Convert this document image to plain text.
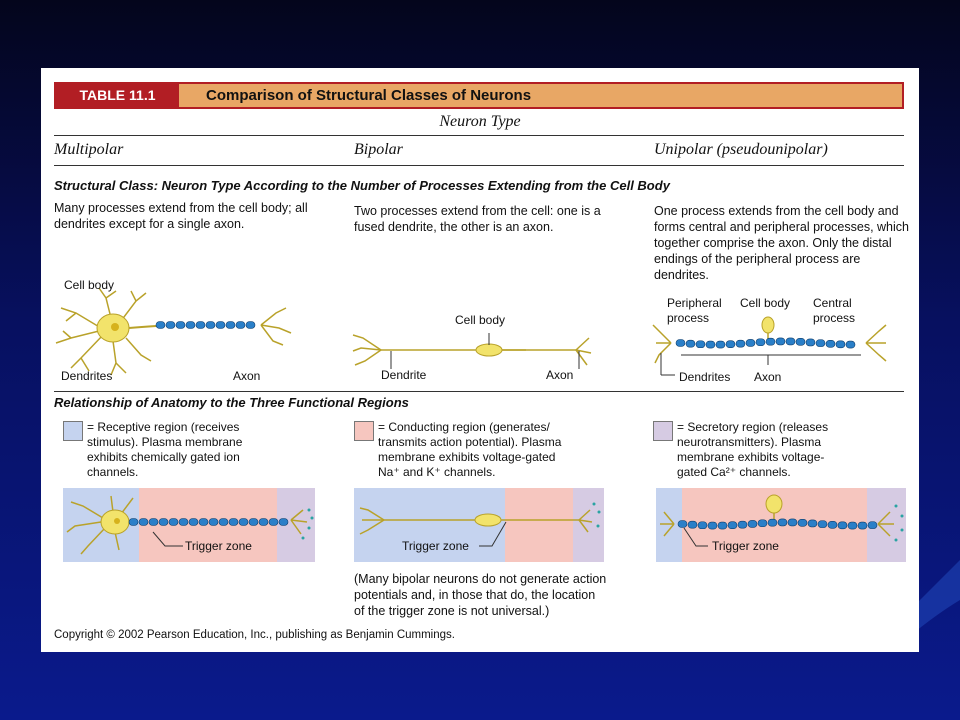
TABLE 11.1	Comparison of Structural Classes of Neurons
Neuron Type
Multipolar	Bipolar	Unipolar (pseudounipolar)
Structural Class: Neuron Type According to the Number of Processes Extending from the Cell Body
Many processes extend from the cell body; all dendrites except for a single axon.
Two processes extend from the cell: one is a fused dendrite, the other is an axon.
One process extends from the cell body and forms central and peripheral processes, which together comprise the axon. Only the distal endings of the peripheral process are dendrites.
Cell body
Dendrites	Axon
Cell body
Dendrite	Axon
Peripheral process
Cell body Central process
Dendrites Axon
Relationship of Anatomy to the Three Functional Regions
= Receptive region (receives
stimulus). Plasma membrane
exhibits chemically gated ion
channels.
= Conducting region (generates/
transmits action potential). Plasma
membrane exhibits voltage-gated
Na⁺ and K⁺ channels.
= Secretory region (releases
neurotransmitters). Plasma
membrane exhibits voltage-
gated Ca²⁺ channels.
Trigger zone	Trigger zone	Trigger zone
(Many bipolar neurons do not generate action
potentials and, in those that do, the location
of the trigger zone is not universal.)
Copyright © 2002 Pearson Education, Inc., publishing as Benjamin Cummings.
